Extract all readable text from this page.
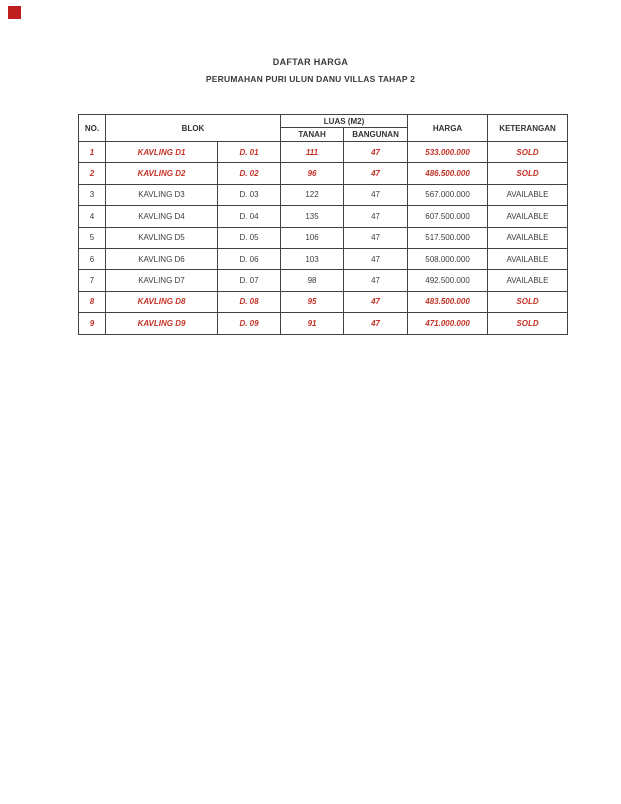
DAFTAR HARGA
PERUMAHAN PURI ULUN DANU VILLAS TAHAP 2
NO.	BLOK		LUAS (M2)		HARGA	KETERANGAN
			TANAH	BANGUNAN		
1	KAVLING D1	D. 01	111	47	533.000.000	SOLD
2	KAVLING D2	D. 02	96	47	486.500.000	SOLD
3	KAVLING D3	D. 03	122	47	567.000.000	AVAILABLE
4	KAVLING D4	D. 04	135	47	607.500.000	AVAILABLE
5	KAVLING D5	D. 05	106	47	517.500.000	AVAILABLE
6	KAVLING D6	D. 06	103	47	508.000.000	AVAILABLE
7	KAVLING D7	D. 07	98	47	492.500.000	AVAILABLE
8	KAVLING D8	D. 08	95	47	483.500.000	SOLD
9	KAVLING D9	D. 09	91	47	471.000.000	SOLD
